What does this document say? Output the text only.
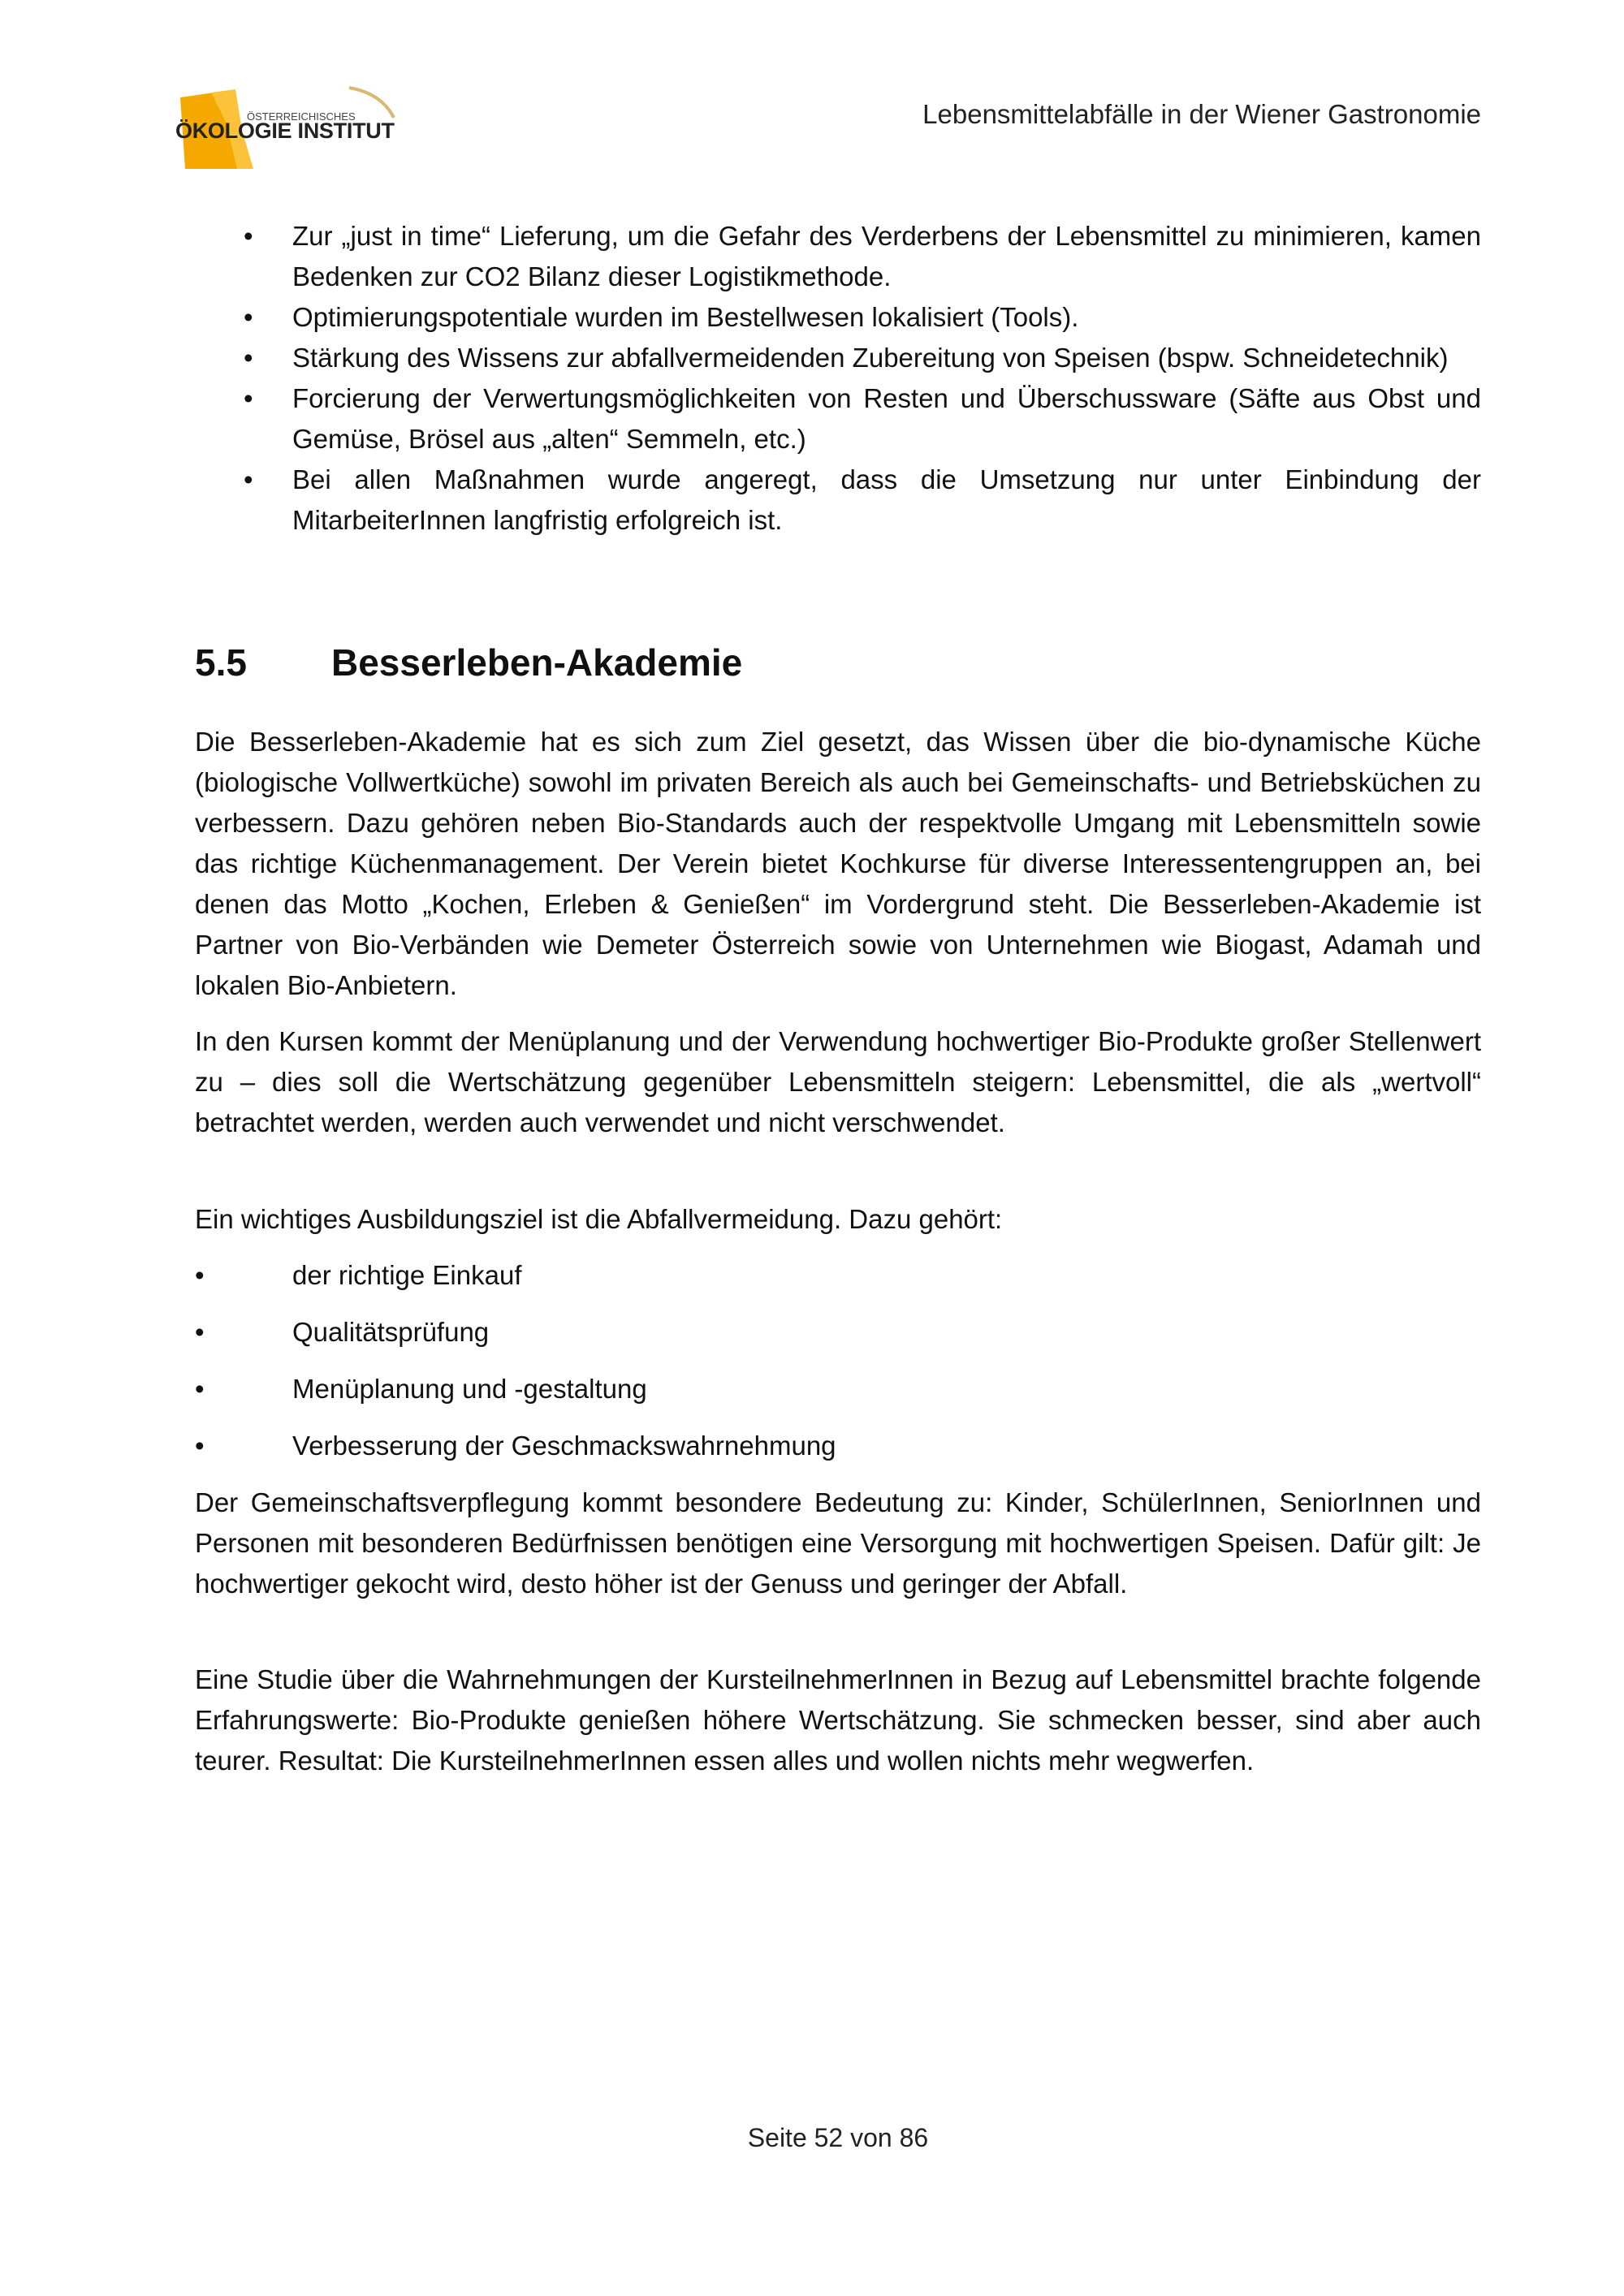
ÖSTERREICHISCHES
ÖKOLOGIE INSTITUT
Lebensmittelabfälle in der Wiener Gastronomie
• Zur „just in time“ Lieferung, um die Gefahr des Verderbens der Lebensmittel zu minimieren, kamen Bedenken zur CO2 Bilanz dieser Logistikmethode.
• Optimierungspotentiale wurden im Bestellwesen lokalisiert (Tools).
• Stärkung des Wissens zur abfallvermeidenden Zubereitung von Speisen (bspw. Schneidetechnik)
• Forcierung der Verwertungsmöglichkeiten von Resten und Überschussware (Säfte aus Obst und Gemüse, Brösel aus „alten“ Semmeln, etc.)
• Bei allen Maßnahmen wurde angeregt, dass die Umsetzung nur unter Einbindung der MitarbeiterInnen langfristig erfolgreich ist.
5.5 Besserleben-Akademie

Die Besserleben-Akademie hat es sich zum Ziel gesetzt, das Wissen über die bio-dynamische Küche (biologische Vollwertküche) sowohl im privaten Bereich als auch bei Gemeinschafts- und Betriebsküchen zu verbessern. Dazu gehören neben Bio-Standards auch der respektvolle Umgang mit Lebensmitteln sowie das richtige Küchenmanagement. Der Verein bietet Kochkurse für diverse Interessentengruppen an, bei denen das Motto „Kochen, Erleben & Genießen“ im Vordergrund steht. Die Besserleben-Akademie ist Partner von Bio-Verbänden wie Demeter Österreich sowie von Unternehmen wie Biogast, Adamah und lokalen Bio-Anbietern.

In den Kursen kommt der Menüplanung und der Verwendung hochwertiger Bio-Produkte großer Stellenwert zu – dies soll die Wertschätzung gegenüber Lebensmitteln steigern: Lebensmittel, die als „wertvoll“ betrachtet werden, werden auch verwendet und nicht verschwendet.

Ein wichtiges Ausbildungsziel ist die Abfallvermeidung. Dazu gehört:

•	der richtige Einkauf
•	Qualitätsprüfung
•	Menüplanung und -gestaltung
•	Verbesserung der Geschmackswahrnehmung

Der Gemeinschaftsverpflegung kommt besondere Bedeutung zu: Kinder, SchülerInnen, SeniorInnen und Personen mit besonderen Bedürfnissen benötigen eine Versorgung mit hochwertigen Speisen. Dafür gilt: Je hochwertiger gekocht wird, desto höher ist der Genuss und geringer der Abfall.

Eine Studie über die Wahrnehmungen der KursteilnehmerInnen in Bezug auf Lebensmittel brachte folgende Erfahrungswerte: Bio-Produkte genießen höhere Wertschätzung. Sie schmecken besser, sind aber auch teurer. Resultat: Die KursteilnehmerInnen essen alles und wollen nichts mehr wegwerfen.

Seite 52 von 86
